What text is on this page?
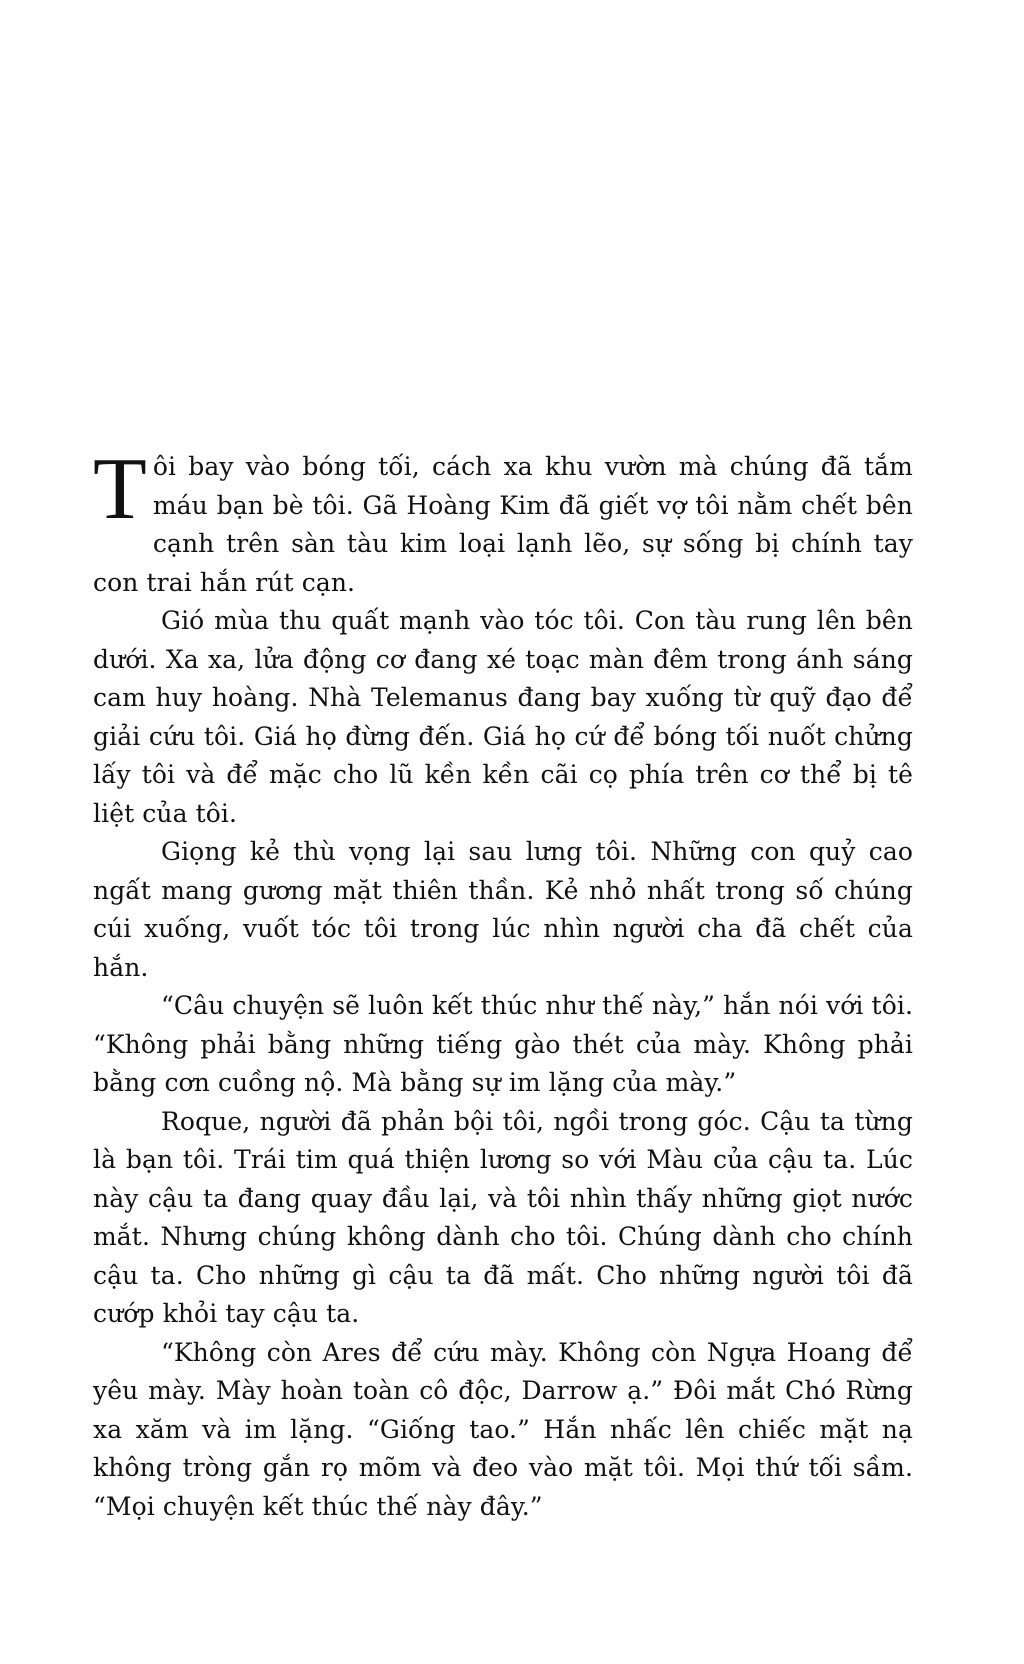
Tôi bay vào bóng tối, cách xa khu vườn mà chúng đã tắm máu bạn bè tôi. Gã Hoàng Kim đã giết vợ tôi nằm chết bên cạnh trên sàn tàu kim loại lạnh lẽo, sự sống bị chính tay con trai hắn rút cạn.

Gió mùa thu quất mạnh vào tóc tôi. Con tàu rung lên bên dưới. Xa xa, lửa động cơ đang xé toạc màn đêm trong ánh sáng cam huy hoàng. Nhà Telemanus đang bay xuống từ quỹ đạo để giải cứu tôi. Giá họ đừng đến. Giá họ cứ để bóng tối nuốt chửng lấy tôi và để mặc cho lũ kền kền cãi cọ phía trên cơ thể bị tê liệt của tôi.

Giọng kẻ thù vọng lại sau lưng tôi. Những con quỷ cao ngất mang gương mặt thiên thần. Kẻ nhỏ nhất trong số chúng cúi xuống, vuốt tóc tôi trong lúc nhìn người cha đã chết của hắn.

“Câu chuyện sẽ luôn kết thúc như thế này,” hắn nói với tôi. “Không phải bằng những tiếng gào thét của mày. Không phải bằng cơn cuồng nộ. Mà bằng sự im lặng của mày.”

Roque, người đã phản bội tôi, ngồi trong góc. Cậu ta từng là bạn tôi. Trái tim quá thiện lương so với Màu của cậu ta. Lúc này cậu ta đang quay đầu lại, và tôi nhìn thấy những giọt nước mắt. Nhưng chúng không dành cho tôi. Chúng dành cho chính cậu ta. Cho những gì cậu ta đã mất. Cho những người tôi đã cướp khỏi tay cậu ta.

“Không còn Ares để cứu mày. Không còn Ngựa Hoang để yêu mày. Mày hoàn toàn cô độc, Darrow ạ.” Đôi mắt Chó Rừng xa xăm và im lặng. “Giống tao.” Hắn nhấc lên chiếc mặt nạ không tròng gắn rọ mõm và đeo vào mặt tôi. Mọi thứ tối sầm. “Mọi chuyện kết thúc thế này đây.”
